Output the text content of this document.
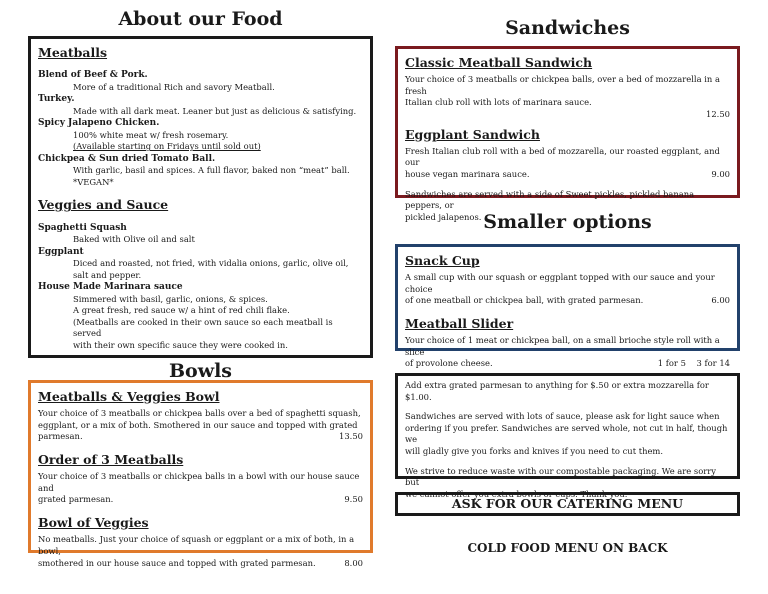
About our Food
Meatballs
Blend of Beef & Pork.
More of a traditional Rich and savory Meatball.
Turkey.
Made with all dark meat. Leaner but just as delicious & satisfying.
Spicy Jalapeno Chicken.
100% white meat w/ fresh rosemary.
(Available starting on Fridays until sold out)
Chickpea & Sun dried Tomato Ball.
With garlic, basil and spices. A full flavor, baked non “meat” ball.
*VEGAN*
Veggies and Sauce
Spaghetti Squash
Baked with Olive oil and salt
Eggplant
Diced and roasted, not fried, with vidalia onions, garlic, olive oil,
salt and pepper.
House Made Marinara sauce
Simmered with basil, garlic, onions, & spices.
A great fresh, red sauce w/ a hint of red chili flake.
(Meatballs are cooked in their own sauce so each meatball is served
with their own specific sauce they were cooked in.
Bowls
Meatballs & Veggies Bowl
Your choice of 3 meatballs or chickpea balls over a bed of spaghetti squash,
eggplant, or a mix of both. Smothered in our sauce and topped with grated
parmesan.	13.50
Order of 3 Meatballs
Your choice of 3 meatballs or chickpea balls in a bowl with our house sauce and
grated parmesan.	9.50
Bowl of Veggies
No meatballs. Just your choice of squash or eggplant or a mix of both, in a bowl,
smothered in our house sauce and topped with grated parmesan.	8.00
Sandwiches
Classic Meatball Sandwich
Your choice of 3 meatballs or chickpea balls, over a bed of mozzarella in a fresh
Italian club roll with lots of marinara sauce.
12.50
Eggplant Sandwich
Fresh Italian club roll with a bed of mozzarella, our roasted eggplant, and our
house vegan marinara sauce.	9.00
Sandwiches are served with a side of Sweet pickles, pickled banana peppers, or
pickled jalapenos. Smaller options
Snack Cup
A small cup with our squash or eggplant topped with our sauce and your choice
of one meatball or chickpea ball, with grated parmesan.	6.00
Meatball Slider
Your choice of 1 meat or chickpea ball, on a small brioche style roll with a slice
of provolone cheese.	1 for 5    3 for 14
Add extra grated parmesan to anything for $.50 or extra mozzarella for $1.00.
Sandwiches are served with lots of sauce, please ask for light sauce when
ordering if you prefer. Sandwiches are served whole, not cut in half, though we
will gladly give you forks and knives if you need to cut them.
We strive to reduce waste with our compostable packaging. We are sorry but
we cannot offer you extra bowls or cups. Thank you.
ASK FOR OUR CATERING MENU
COLD FOOD MENU ON BACK
